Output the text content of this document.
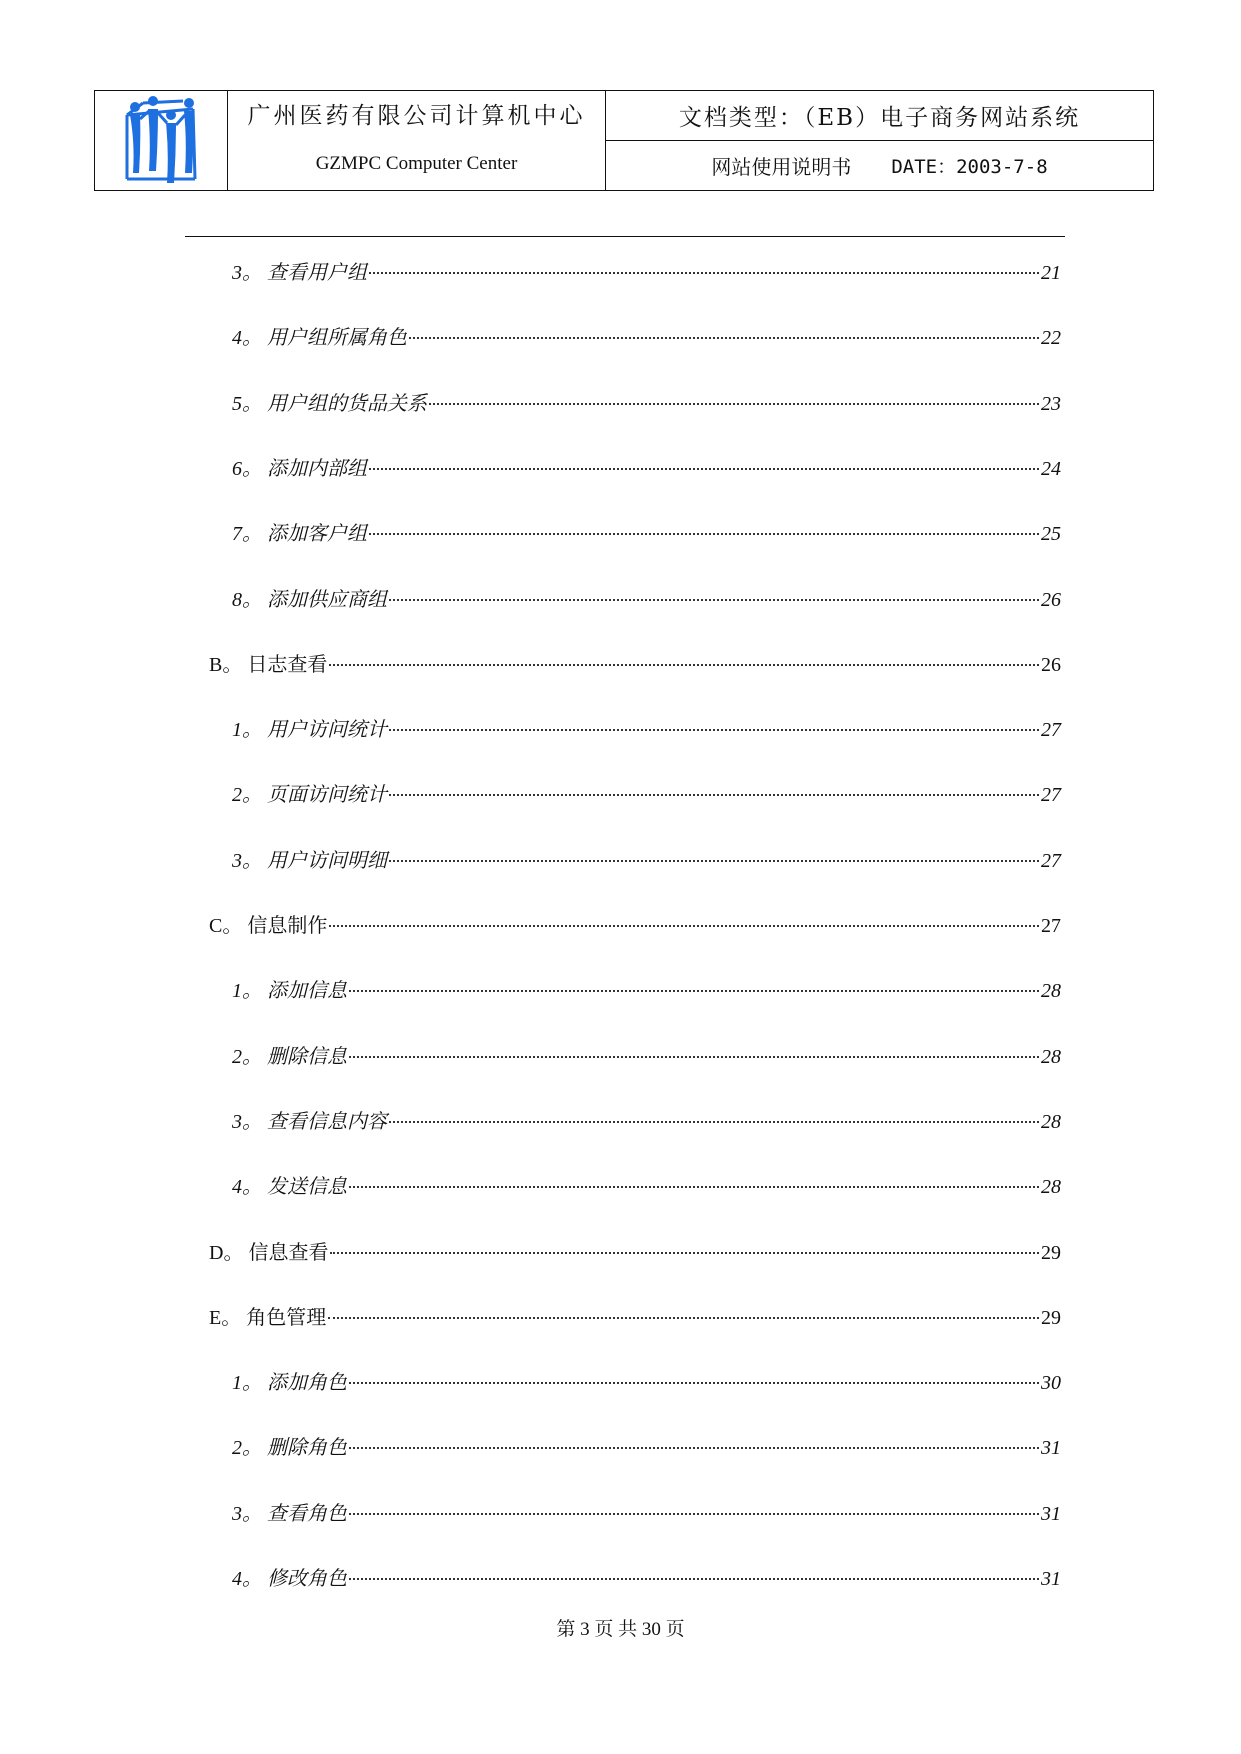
广州医药有限公司计算机中心
GZMPC Computer Center
文档类型：（EB）电子商务网站系统
网站使用说明书 DATE：2003-7-8
3。 查看用户组	21
4。 用户组所属角色	22
5。 用户组的货品关系	23
6。 添加内部组	24
7。 添加客户组	25
8。 添加供应商组	26
B。 日志查看	26
1。 用户访问统计	27
2。 页面访问统计	27
3。 用户访问明细	27
C。 信息制作	27
1。 添加信息	28
2。 删除信息	28
3。 查看信息内容	28
4。 发送信息	28
D。 信息查看	29
E。 角色管理	29
1。 添加角色	30
2。 删除角色	31
3。 查看角色	31
4。 修改角色	31
第 3 页 共 30 页
